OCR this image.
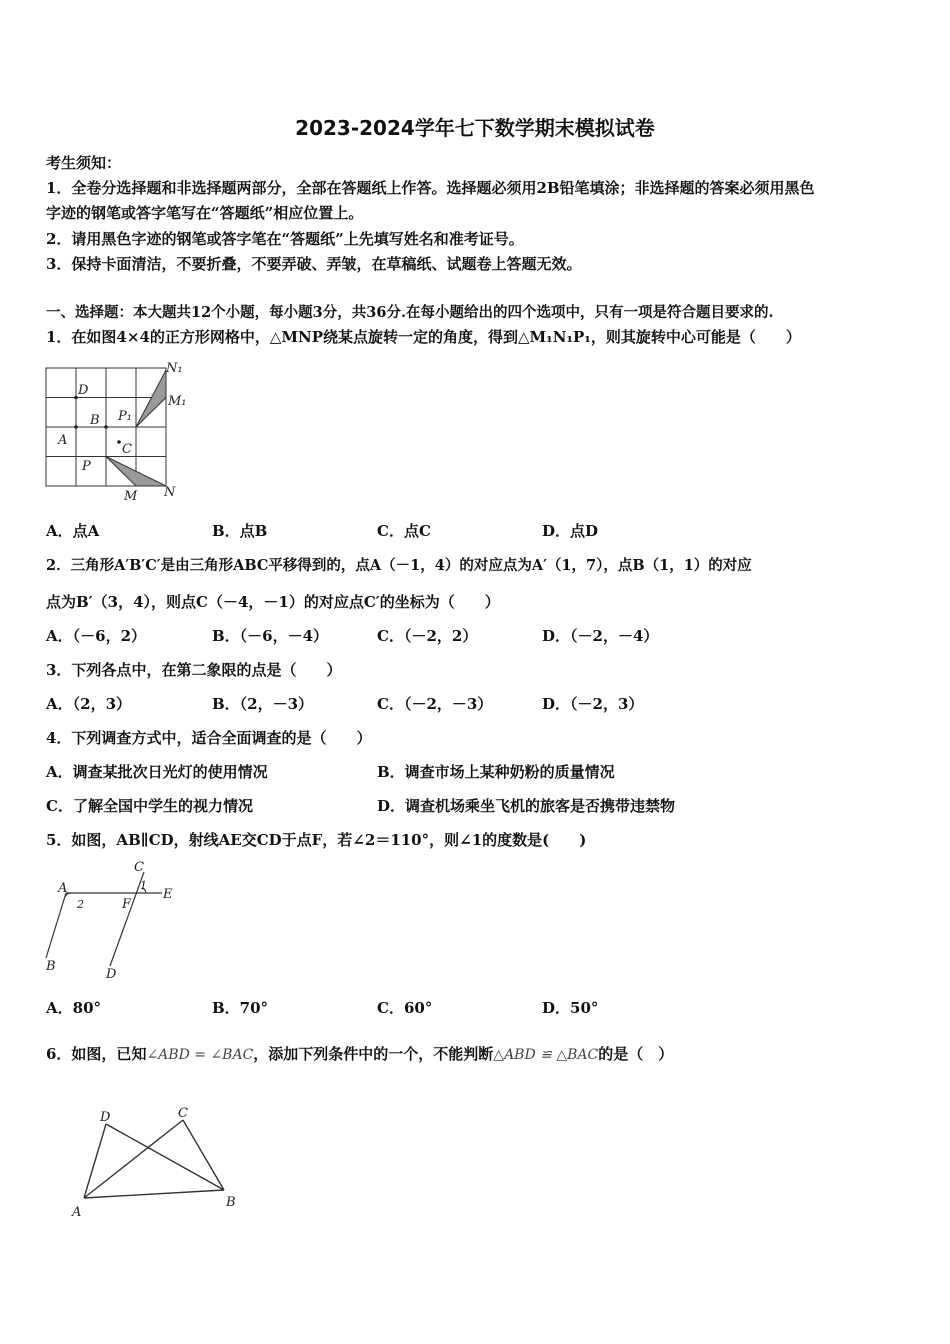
2023-2024学年七下数学期末模拟试卷
考生须知：
1．全卷分选择题和非选择题两部分，全部在答题纸上作答。选择题必须用2B铅笔填涂；非选择题的答案必须用黑色
字迹的钢笔或答字笔写在“答题纸”相应位置上。
2．请用黑色字迹的钢笔或答字笔在“答题纸”上先填写姓名和准考证号。
3．保持卡面清洁，不要折叠，不要弄破、弄皱，在草稿纸、试题卷上答题无效。
一、选择题：本大题共12个小题，每小题3分，共36分.在每小题给出的四个选项中，只有一项是符合题目要求的.
1．在如图4×4的正方形网格中，△MNP绕某点旋转一定的角度，得到△M₁N₁P₁，则其旋转中心可能是（　　）
D
B P₁
A
C
P
N₁
M₁
M N
A．点A	B．点B	C．点C	D．点D
2．三角形A′B′C′是由三角形ABC平移得到的，点A（－1，4）的对应点为A′（1，7），点B（1，1）的对应
点为B′（3，4），则点C（－4，－1）的对应点C′的坐标为（　　）
A．（－6，2）	B．（－6，－4）	C．（－2，2）	D．（－2，－4）
3．下列各点中，在第二象限的点是（　　）
A．（2，3）	B．（2，－3）	C．（－2，－3）	D．（－2，3）
4．下列调查方式中，适合全面调查的是（　　）
A．调查某批次日光灯的使用情况	B．调查市场上某种奶粉的质量情况
C．了解全国中学生的视力情况	D．调查机场乘坐飞机的旅客是否携带违禁物
5．如图，AB∥CD，射线AE交CD于点F，若∠2＝110°，则∠1的度数是(　　)
A
B
C
D
E
F
1
2
A．80°	B．70°	C．60°	D．50°
6．如图，已知∠ABD = ∠BAC，添加下列条件中的一个，不能判断△ABD ≌ △BAC的是（　）
D	C
A
B
